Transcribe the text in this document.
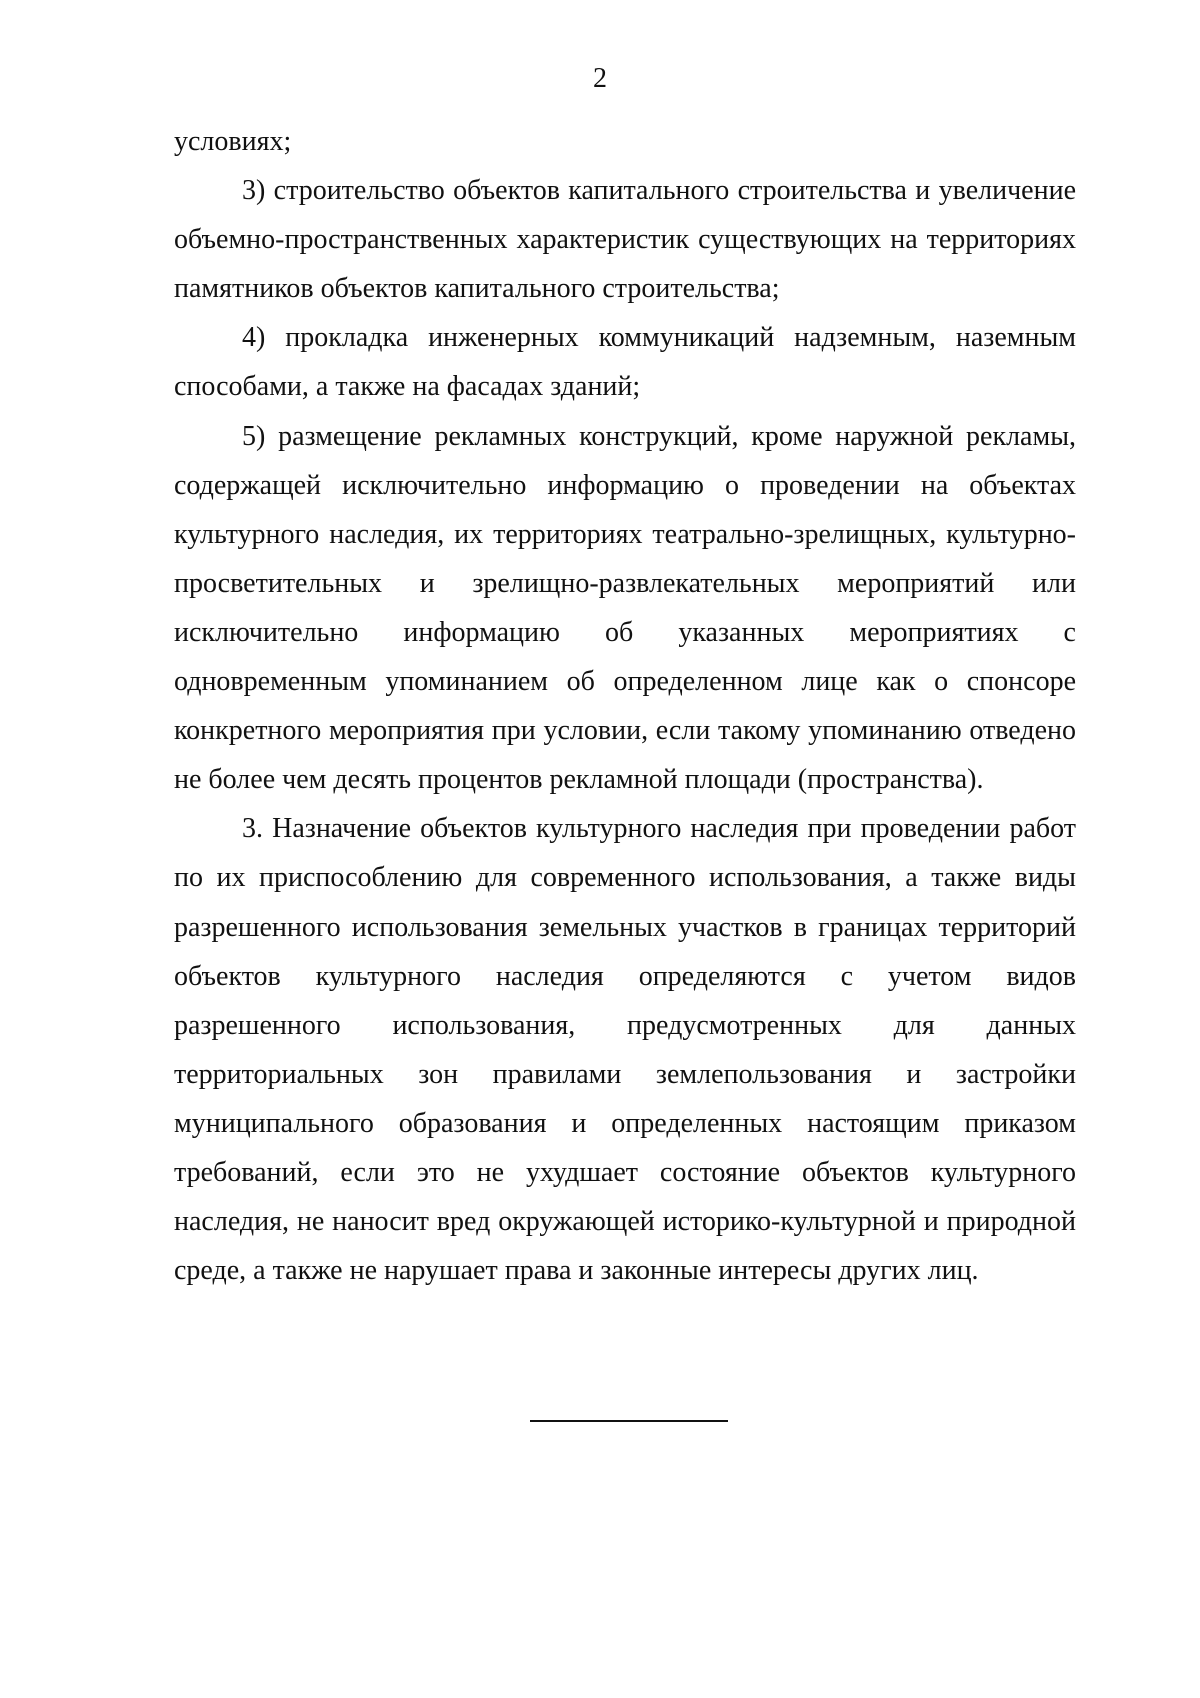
2

условиях;

3) строительство объектов капитального строительства и увеличение объемно-пространственных характеристик существующих на территориях памятников объектов капитального строительства;

4) прокладка инженерных коммуникаций надземным, наземным способами, а также на фасадах зданий;

5) размещение рекламных конструкций, кроме наружной рекламы, содержащей исключительно информацию о проведении на объектах культурного наследия, их территориях театрально-зрелищных, культурно-просветительных и зрелищно-развлекательных мероприятий или исключительно информацию об указанных мероприятиях с одновременным упоминанием об определенном лице как о спонсоре конкретного мероприятия при условии, если такому упоминанию отведено не более чем десять процентов рекламной площади (пространства).

3. Назначение объектов культурного наследия при проведении работ по их приспособлению для современного использования, а также виды разрешенного использования земельных участков в границах территорий объектов культурного наследия определяются с учетом видов разрешенного использования, предусмотренных для данных территориальных зон правилами землепользования и застройки муниципального образования и определенных настоящим приказом требований, если это не ухудшает состояние объектов культурного наследия, не наносит вред окружающей историко-культурной и природной среде, а также не нарушает права и законные интересы других лиц.
